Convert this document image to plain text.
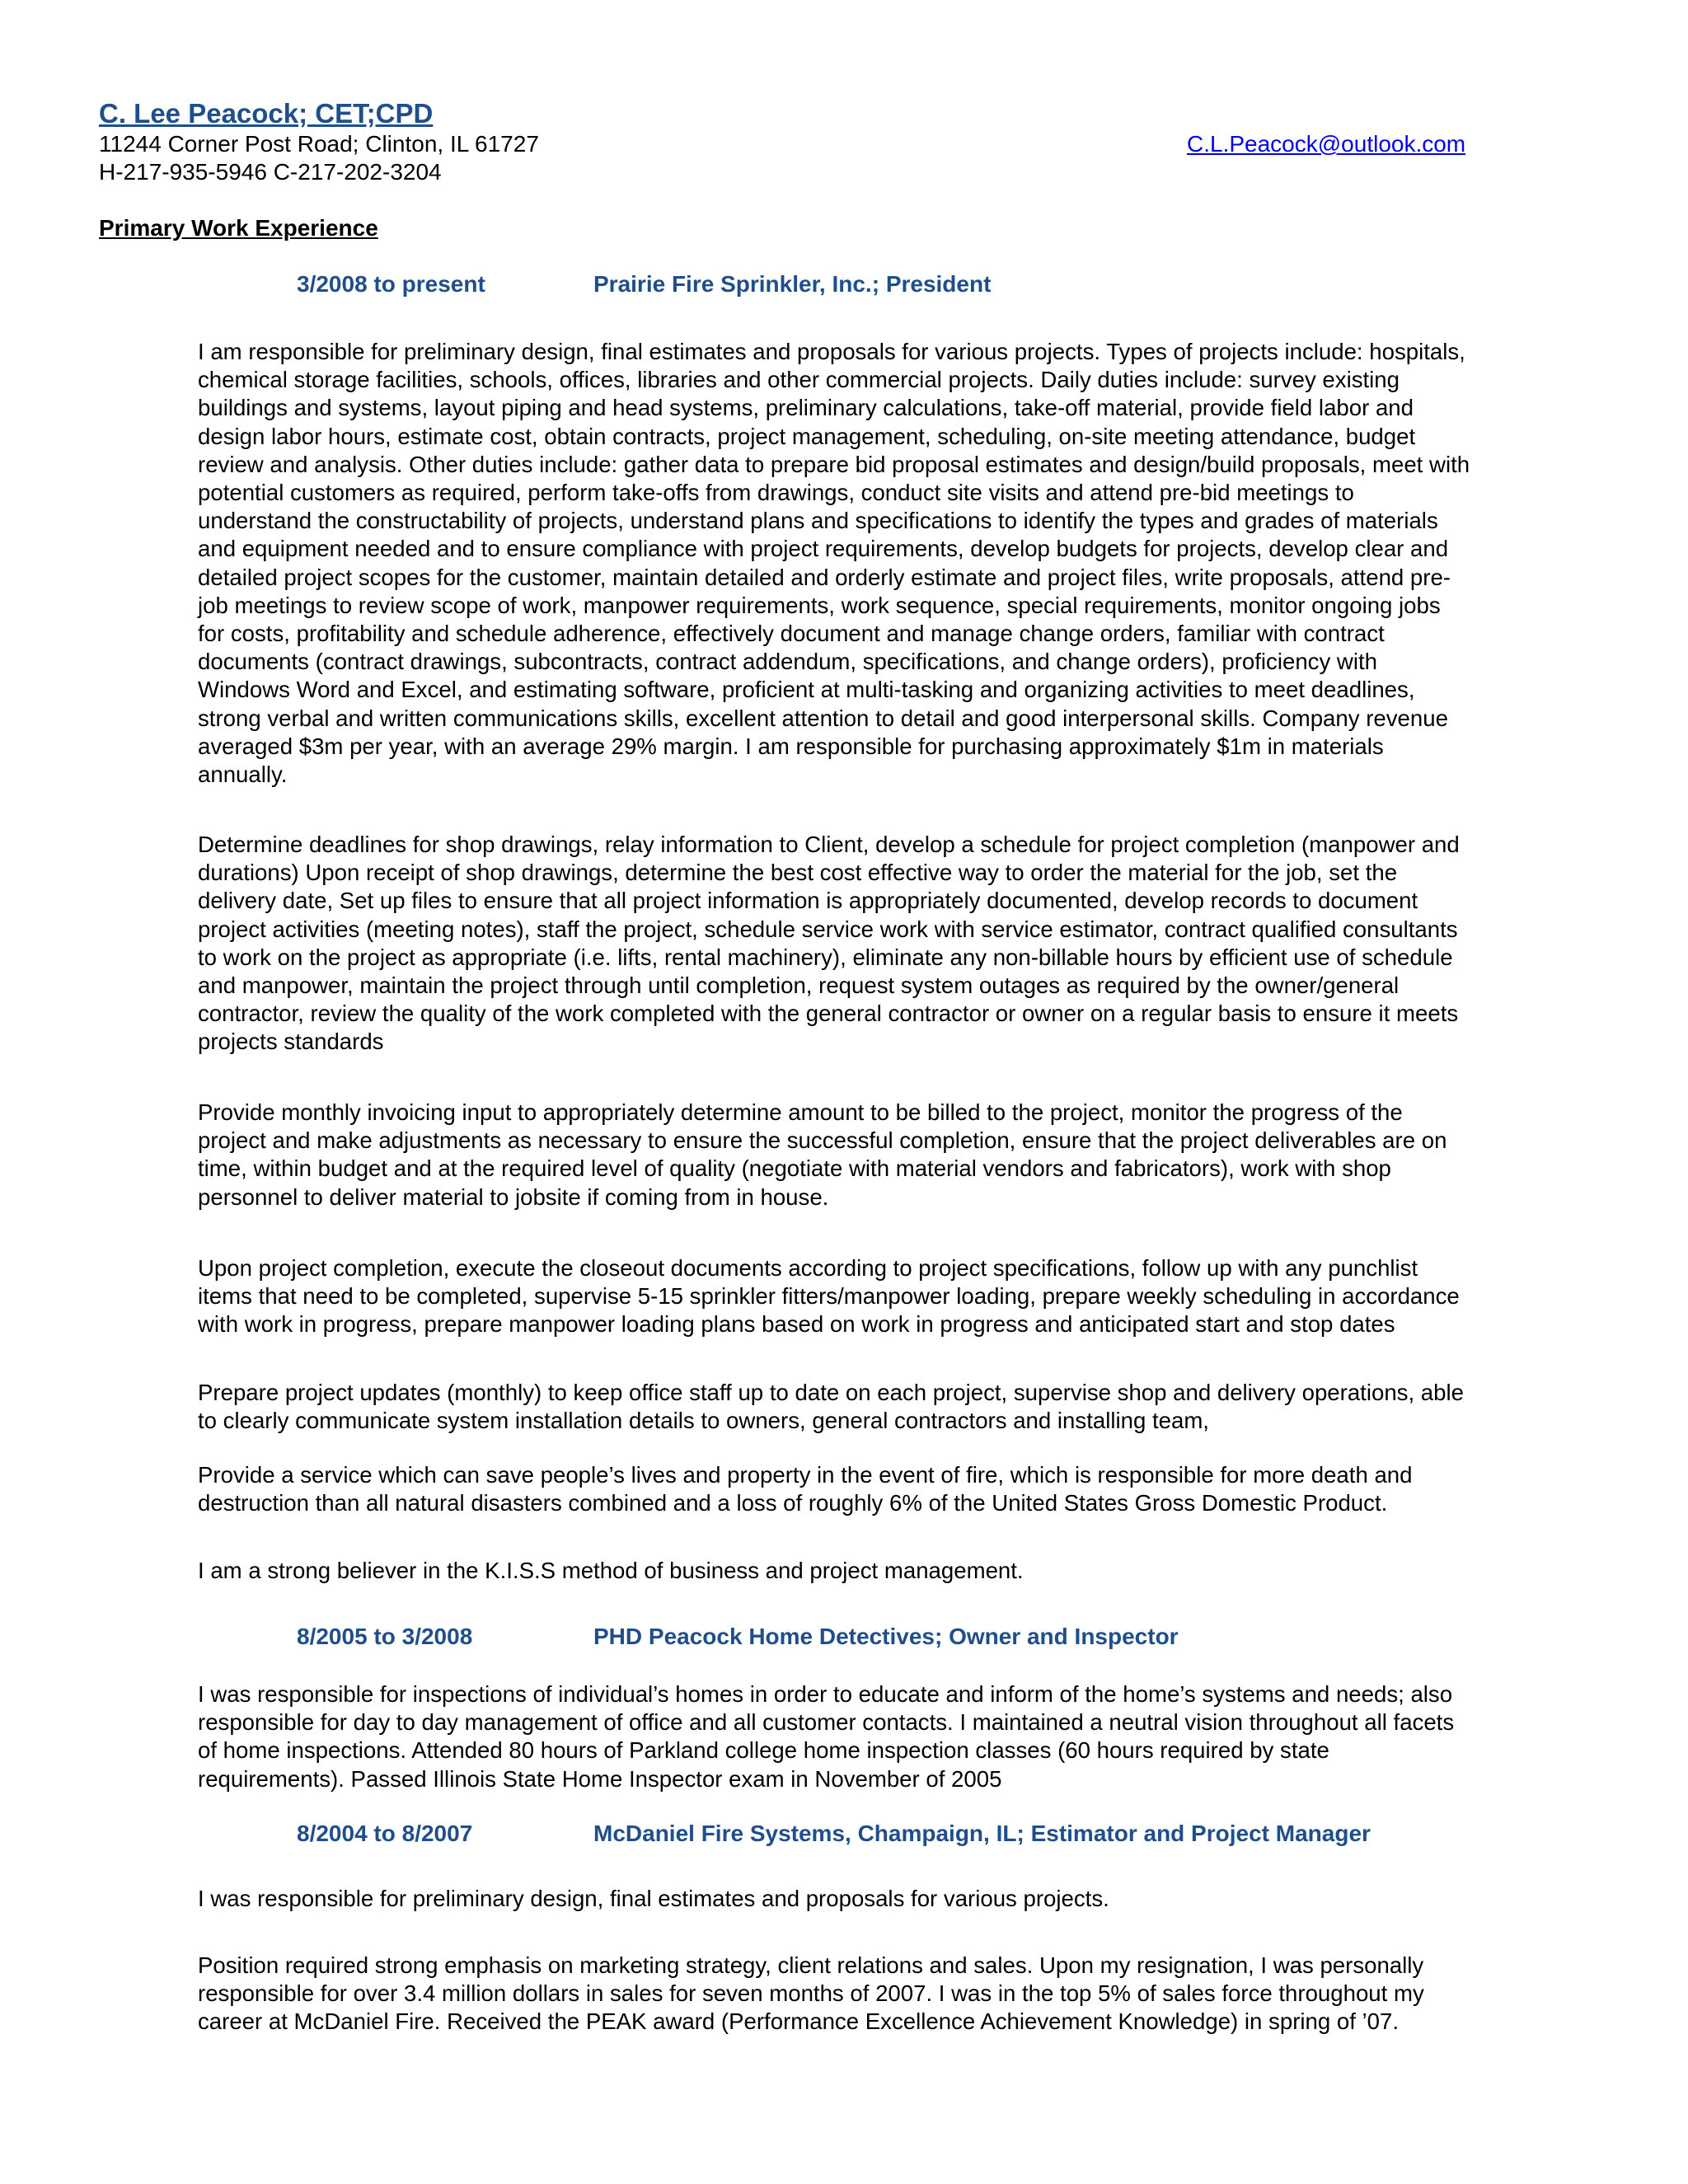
C. Lee Peacock; CET;CPD

11244 Corner Post Road; Clinton, IL 61727	C.L.Peacock@outlook.com

H-217-935-5946 C-217-202-3204

Primary Work Experience
3/2008 to present	Prairie Fire Sprinkler, Inc.; President
I am responsible for preliminary design, final estimates and proposals for various projects. Types of projects include: hospitals,
chemical storage facilities, schools, offices, libraries and other commercial projects. Daily duties include: survey existing
buildings and systems, layout piping and head systems, preliminary calculations, take-off material, provide field labor and
design labor hours, estimate cost, obtain contracts, project management, scheduling, on-site meeting attendance, budget
review and analysis. Other duties include: gather data to prepare bid proposal estimates and design/build proposals, meet with
potential customers as required, perform take-offs from drawings, conduct site visits and attend pre-bid meetings to
understand the constructability of projects, understand plans and specifications to identify the types and grades of materials
and equipment needed and to ensure compliance with project requirements, develop budgets for projects, develop clear and
detailed project scopes for the customer, maintain detailed and orderly estimate and project files, write proposals, attend pre-
job meetings to review scope of work, manpower requirements, work sequence, special requirements, monitor ongoing jobs
for costs, profitability and schedule adherence, effectively document and manage change orders, familiar with contract
documents (contract drawings, subcontracts, contract addendum, specifications, and change orders), proficiency with
Windows Word and Excel, and estimating software, proficient at multi-tasking and organizing activities to meet deadlines,
strong verbal and written communications skills, excellent attention to detail and good interpersonal skills. Company revenue
averaged $3m per year, with an average 29% margin. I am responsible for purchasing approximately $1m in materials
annually.
Determine deadlines for shop drawings, relay information to Client, develop a schedule for project completion (manpower and
durations) Upon receipt of shop drawings, determine the best cost effective way to order the material for the job, set the
delivery date, Set up files to ensure that all project information is appropriately documented, develop records to document
project activities (meeting notes), staff the project, schedule service work with service estimator, contract qualified consultants
to work on the project as appropriate (i.e. lifts, rental machinery), eliminate any non-billable hours by efficient use of schedule
and manpower, maintain the project through until completion, request system outages as required by the owner/general
contractor, review the quality of the work completed with the general contractor or owner on a regular basis to ensure it meets
projects standards
Provide monthly invoicing input to appropriately determine amount to be billed to the project, monitor the progress of the
project and make adjustments as necessary to ensure the successful completion, ensure that the project deliverables are on
time, within budget and at the required level of quality (negotiate with material vendors and fabricators), work with shop
personnel to deliver material to jobsite if coming from in house.
Upon project completion, execute the closeout documents according to project specifications, follow up with any punchlist
items that need to be completed, supervise 5-15 sprinkler fitters/manpower loading, prepare weekly scheduling in accordance
with work in progress, prepare manpower loading plans based on work in progress and anticipated start and stop dates
Prepare project updates (monthly) to keep office staff up to date on each project, supervise shop and delivery operations, able
to clearly communicate system installation details to owners, general contractors and installing team,
Provide a service which can save people’s lives and property in the event of fire, which is responsible for more death and
destruction than all natural disasters combined and a loss of roughly 6% of the United States Gross Domestic Product.
I am a strong believer in the K.I.S.S method of business and project management.
8/2005 to 3/2008	PHD Peacock Home Detectives; Owner and Inspector
I was responsible for inspections of individual’s homes in order to educate and inform of the home’s systems and needs; also
responsible for day to day management of office and all customer contacts. I maintained a neutral vision throughout all facets
of home inspections. Attended 80 hours of Parkland college home inspection classes (60 hours required by state
requirements). Passed Illinois State Home Inspector exam in November of 2005
8/2004 to 8/2007	McDaniel Fire Systems, Champaign, IL; Estimator and Project Manager
I was responsible for preliminary design, final estimates and proposals for various projects.
Position required strong emphasis on marketing strategy, client relations and sales. Upon my resignation, I was personally
responsible for over 3.4 million dollars in sales for seven months of 2007. I was in the top 5% of sales force throughout my
career at McDaniel Fire. Received the PEAK award (Performance Excellence Achievement Knowledge) in spring of ’07.
